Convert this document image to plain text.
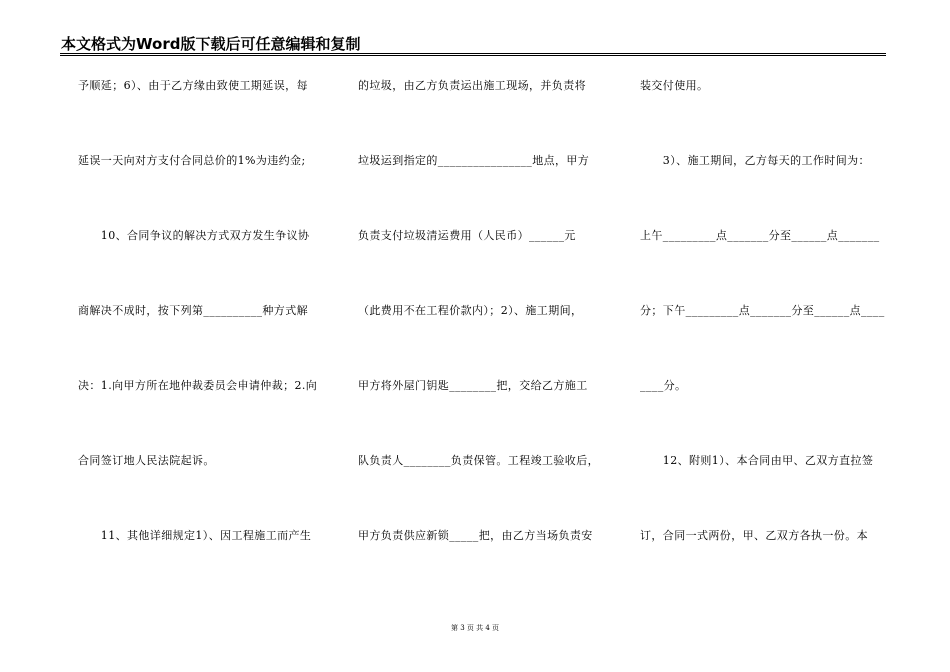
本文格式为Word版下载后可任意编辑和复制
予顺延；6）、由于乙方缘由致使工期延误，每
延误一天向对方支付合同总价的1%为违约金;
　　10、合同争议的解决方式双方发生争议协
商解决不成时，按下列第__________种方式解
决：1.向甲方所在地仲裁委员会申请仲裁；2.向
合同签订地人民法院起诉。
　　11、其他详细规定1）、因工程施工而产生
的垃圾，由乙方负责运出施工现场，并负责将
垃圾运到指定的________________地点，甲方
负责支付垃圾清运费用（人民币）______元
（此费用不在工程价款内）；2）、施工期间，
甲方将外屋门钥匙________把，交给乙方施工
队负责人________负责保管。工程竣工验收后，
甲方负责供应新锁_____把，由乙方当场负责安
装交付使用。
　　3）、施工期间，乙方每天的工作时间为：
上午_________点_______分至______点_______
分；下午_________点_______分至______点____
____分。
　　12、附则1）、本合同由甲、乙双方直拉签
订，合同一式两份，甲、乙双方各执一份。本
第 3 页 共 4 页
